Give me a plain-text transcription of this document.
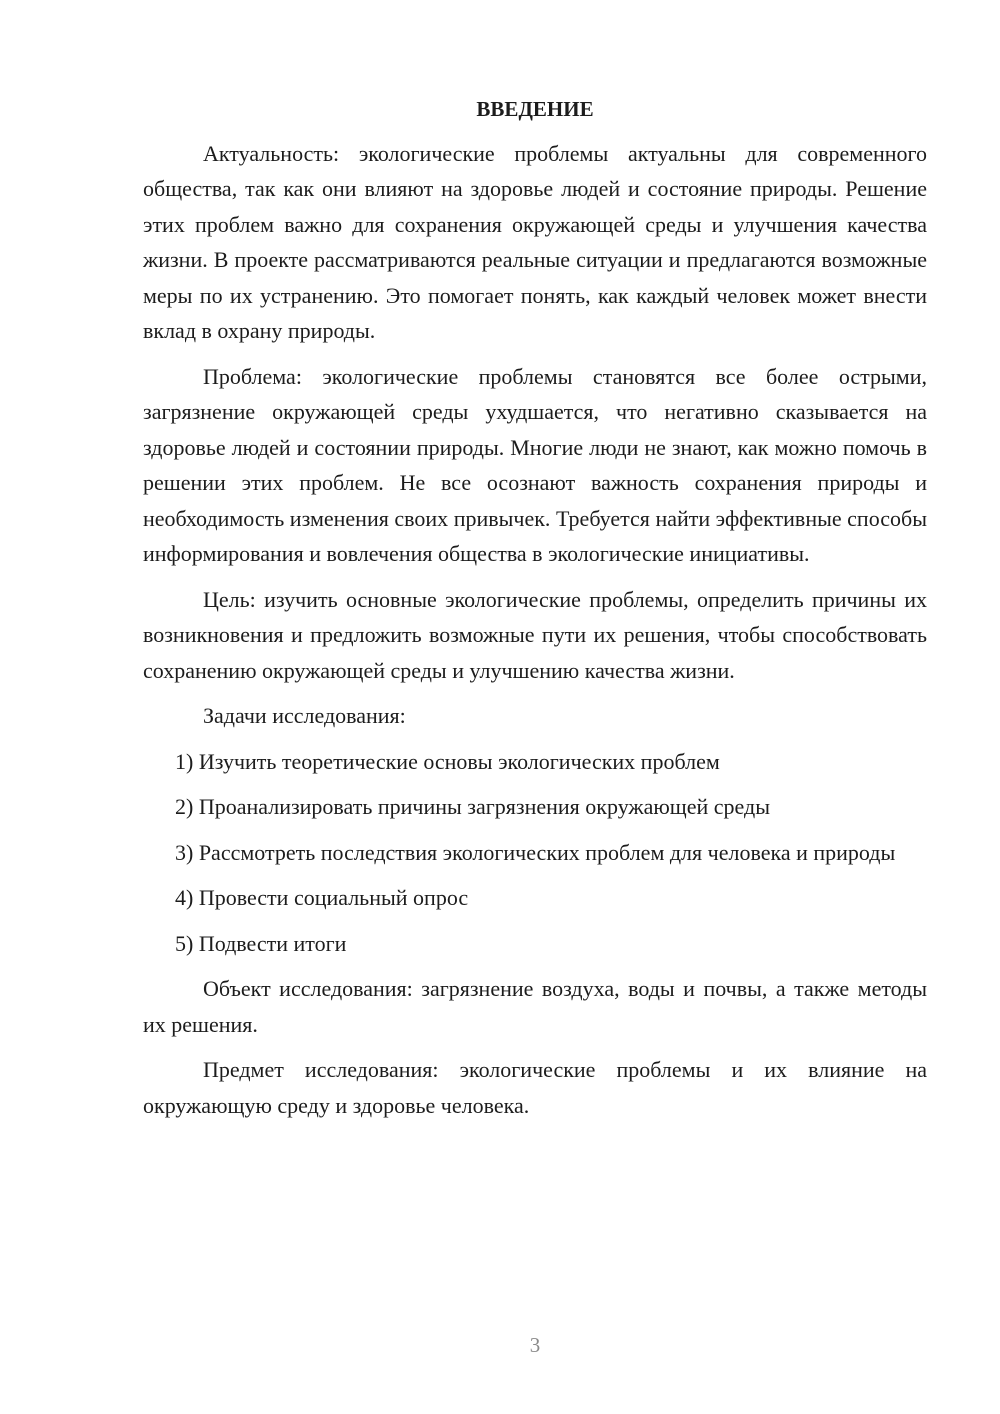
ВВЕДЕНИЕ

Актуальность: экологические проблемы актуальны для современного общества, так как они влияют на здоровье людей и состояние природы. Решение этих проблем важно для сохранения окружающей среды и улучшения качества жизни. В проекте рассматриваются реальные ситуации и предлагаются возможные меры по их устранению. Это помогает понять, как каждый человек может внести вклад в охрану природы.

Проблема: экологические проблемы становятся все более острыми, загрязнение окружающей среды ухудшается, что негативно сказывается на здоровье людей и состоянии природы. Многие люди не знают, как можно помочь в решении этих проблем. Не все осознают важность сохранения природы и необходимость изменения своих привычек. Требуется найти эффективные способы информирования и вовлечения общества в экологические инициативы.

Цель: изучить основные экологические проблемы, определить причины их возникновения и предложить возможные пути их решения, чтобы способствовать сохранению окружающей среды и улучшению качества жизни.

Задачи исследования:

1) Изучить теоретические основы экологических проблем

2) Проанализировать причины загрязнения окружающей среды

3) Рассмотреть последствия экологических проблем для человека и природы

4) Провести социальный опрос

5) Подвести итоги

Объект исследования: загрязнение воздуха, воды и почвы, а также методы их решения.

Предмет исследования: экологические проблемы и их влияние на окружающую среду и здоровье человека.

3
